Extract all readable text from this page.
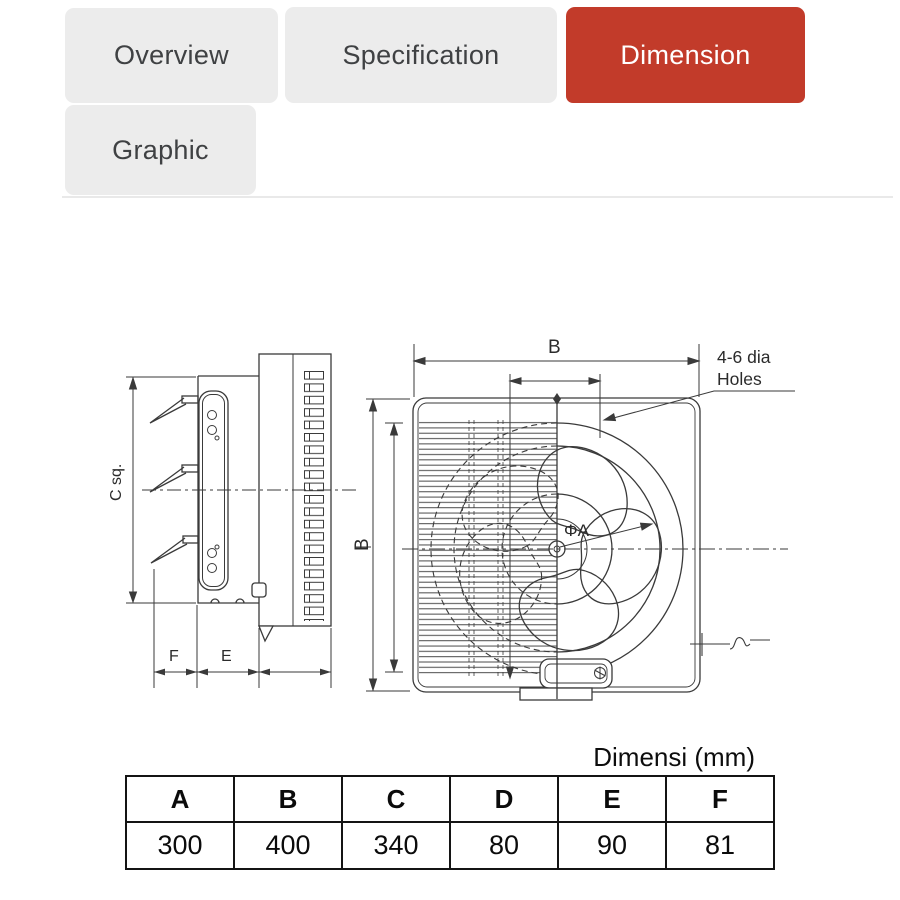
Overview	Specification	Dimension
Graphic
C sq.
F	E
B
B
ΦA
4-6 dia
Holes
Dimensi (mm)
A	B	C	D	E	F
300	400	340	80	90	81
